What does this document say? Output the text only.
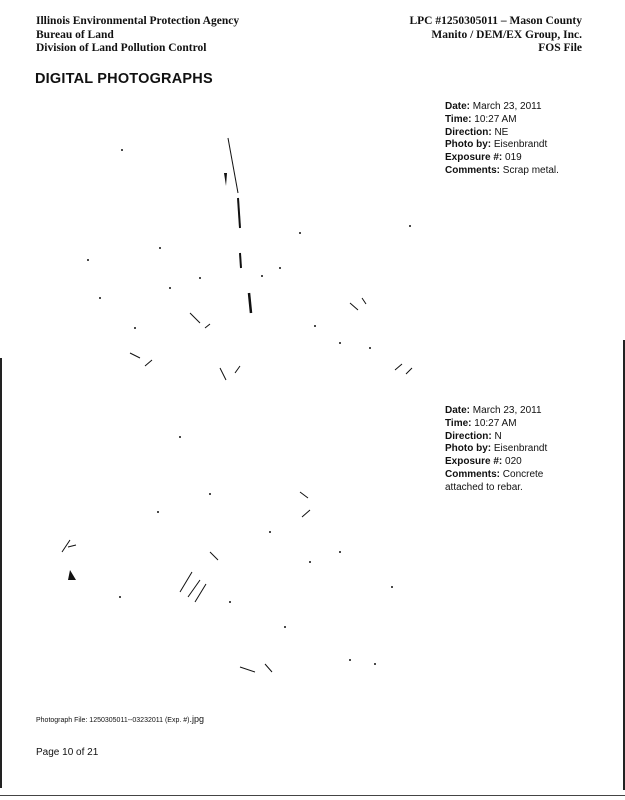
Illinois Environmental Protection Agency
Bureau of Land
Division of Land Pollution Control
LPC #1250305011 – Mason County
Manito / DEM/EX Group, Inc.
FOS File
DIGITAL PHOTOGRAPHS
Date: March 23, 2011
Time: 10:27 AM
Direction: NE
Photo by: Eisenbrandt
Exposure #: 019
Comments: Scrap metal.
Date: March 23, 2011
Time: 10:27 AM
Direction: N
Photo by: Eisenbrandt
Exposure #: 020
Comments: Concrete attached to rebar.
Photograph File: 1250305011--03232011 (Exp. #).jpg
Page 10 of 21
